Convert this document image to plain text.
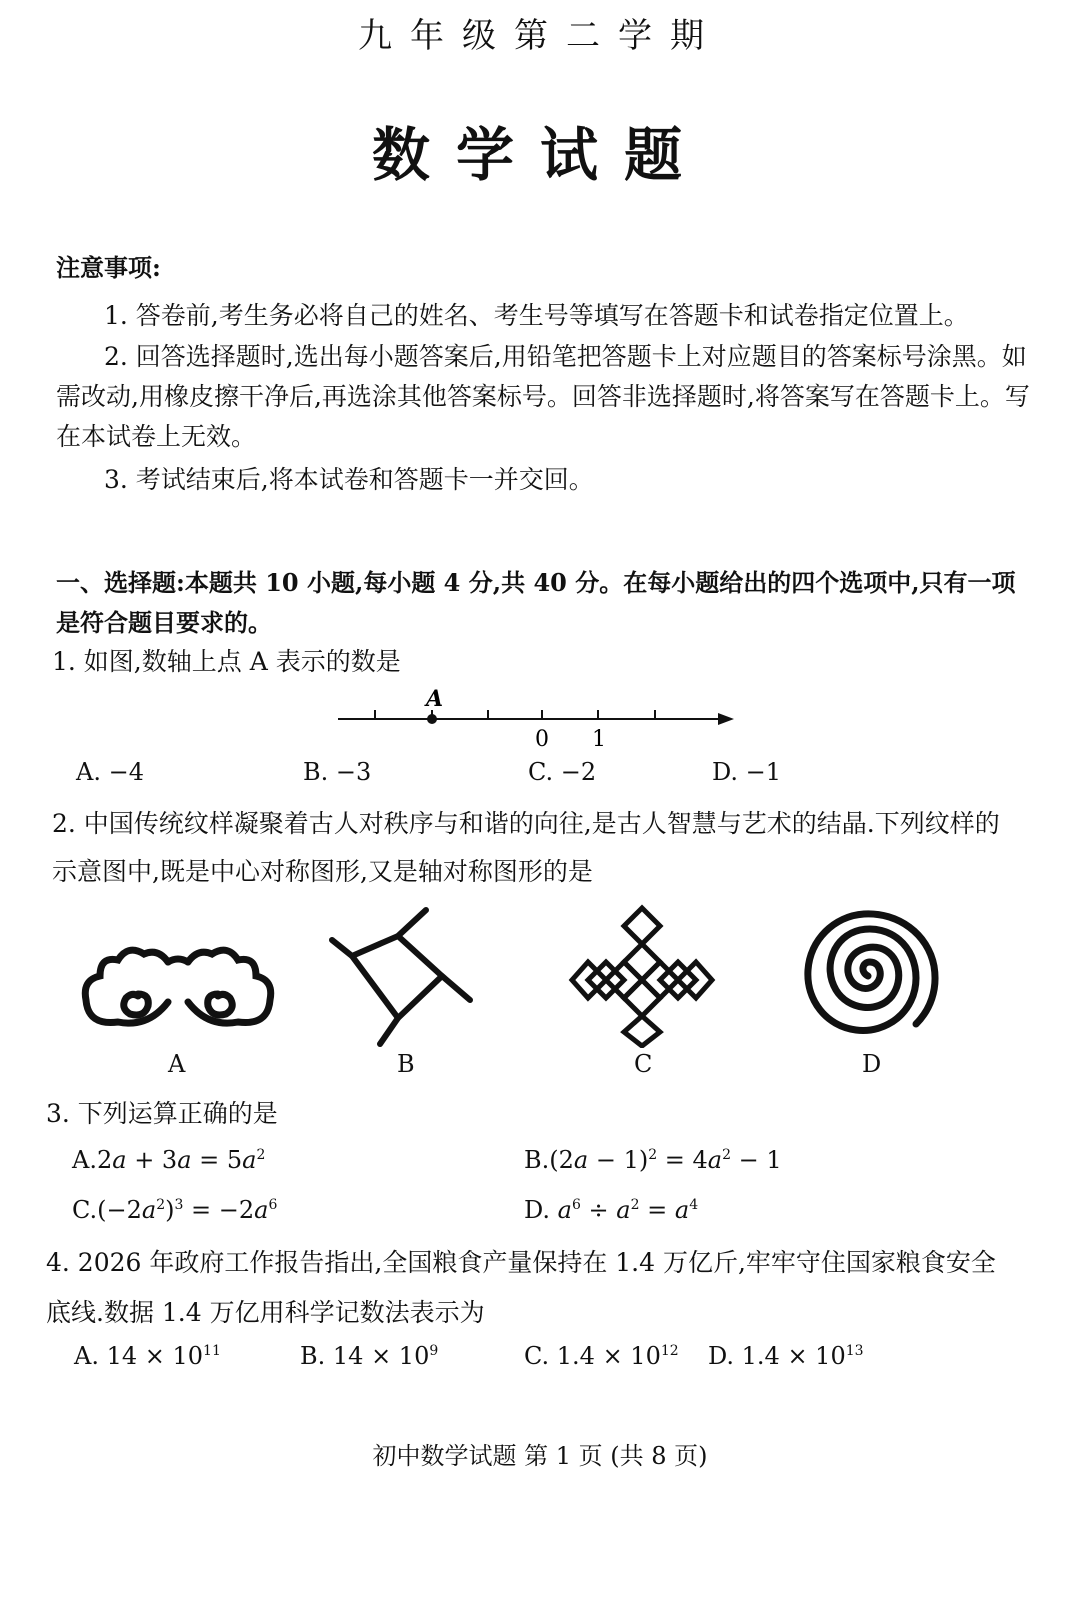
九年级第二学期
数学试题
注意事项:
1. 答卷前,考生务必将自己的姓名、考生号等填写在答题卡和试卷指定位置上。
2. 回答选择题时,选出每小题答案后,用铅笔把答题卡上对应题目的答案标号涂黑。如需改动,用橡皮擦干净后,再选涂其他答案标号。回答非选择题时,将答案写在答题卡上。写在本试卷上无效。
3. 考试结束后,将本试卷和答题卡一并交回。
一、选择题:本题共 10 小题,每小题 4 分,共 40 分。在每小题给出的四个选项中,只有一项是符合题目要求的。
1. 如图,数轴上点 A 表示的数是
A
0 1
A. −4	B. −3	C. −2	D. −1
2. 中国传统纹样凝聚着古人对秩序与和谐的向往,是古人智慧与艺术的结晶.下列纹样的示意图中,既是中心对称图形,又是轴对称图形的是
A	B	C	D
3. 下列运算正确的是
$A.2a + 3a = 5a^2$	$B.(2a - 1)^2 = 4a^2 - 1$
$C.(-2a^2)^3 = -2a^6$	D. $a^6 \div a^2 = a^4$
4. 2026 年政府工作报告指出,全国粮食产量保持在 1.4 万亿斤,牢牢守住国家粮食安全底线.数据 1.4 万亿用科学记数法表示为
A. $14 \times 10^{11}$	B. $14 \times 10^9$	C. $1.4 \times 10^{12}$ D. $1.4 \times 10^{13}$
初中数学试题 第 1 页 (共 8 页)
